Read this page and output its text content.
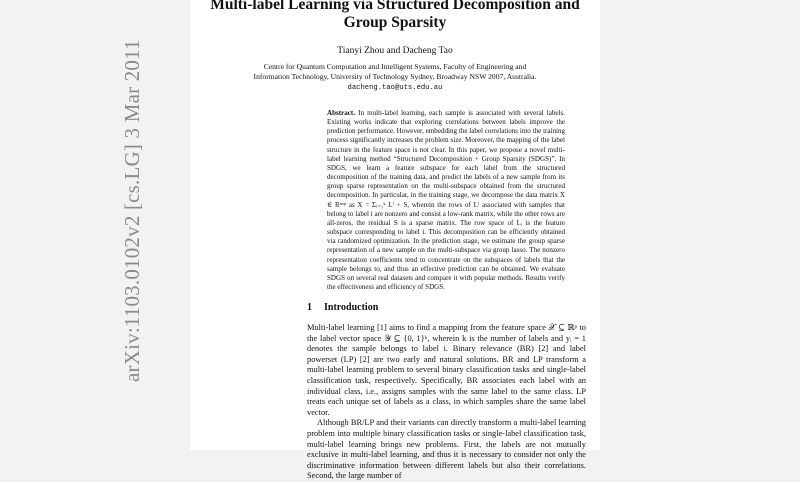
arXiv:1103.0102v2 [cs.LG] 3 Mar 2011
Multi-label Learning via Structured Decomposition and
Group Sparsity
Tianyi Zhou and Dacheng Tao
Centre for Quantum Computation and Intelligent Systems, Faculty of Engineering and
Information Technology, University of Technology Sydney, Broadway NSW 2007, Australia.
dacheng.tao@uts.edu.au
Abstract. In multi-label learning, each sample is associated with several labels. Existing works indicate that exploring correlations between labels improve the prediction performance. However, embedding the label correlations into the training process significantly increases the problem size. Moreover, the mapping of the label structure in the feature space is not clear. In this paper, we propose a novel multi-label learning method “Structured Decomposition + Group Sparsity (SDGS)”. In SDGS, we learn a feature subspace for each label from the structured decomposition of the training data, and predict the labels of a new sample from its group sparse representation on the multi-subspace obtained from the structured decomposition. In particular, in the training stage, we decompose the data matrix X ∈ Rⁿˣᵖ as X = Σᵢ₌₁ᵏ Lⁱ + S, wherein the rows of Lⁱ associated with samples that belong to label i are nonzero and consist a low-rank matrix, while the other rows are all-zeros, the residual S is a sparse matrix. The row space of Lᵢ is the feature subspace corresponding to label i. This decomposition can be efficiently obtained via randomized optimization. In the prediction stage, we estimate the group sparse representation of a new sample on the multi-subspace via group lasso. The nonzero representation coefficients tend to concentrate on the subspaces of labels that the sample belongs to, and thus an effective prediction can be obtained. We evaluate SDGS on several real datasets and compare it with popular methods. Results verify the effectiveness and efficiency of SDGS.
1 Introduction

Multi-label learning [1] aims to find a mapping from the feature space 𝒳 ⊆ ℝᵖ to the label vector space 𝒴 ⊆ {0, 1}ᵏ, wherein k is the number of labels and yᵢ = 1 denotes the sample belongs to label i. Binary relevance (BR) [2] and label powerset (LP) [2] are two early and natural solutions. BR and LP transform a multi-label learning problem to several binary classification tasks and single-label classification task, respectively. Specifically, BR associates each label with an individual class, i.e., assigns samples with the same label to the same class. LP treats each unique set of labels as a class, in which samples share the same label vector.

Although BR/LP and their variants can directly transform a multi-label learning problem into multiple binary classification tasks or single-label classification task, multi-label learning brings new problems. First, the labels are not mutually exclusive in multi-label learning, and thus it is necessary to consider not only the discriminative information between different labels but also their correlations. Second, the large number of
